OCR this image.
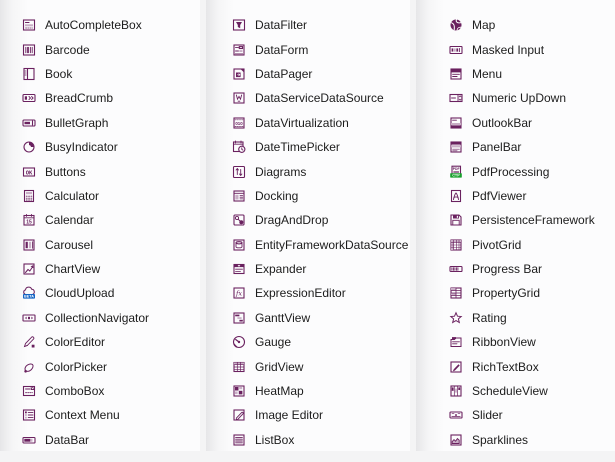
AutoCompleteBox
Barcode
Book
BreadCrumb
BulletGraph
BusyIndicator
OK Buttons
Calculator
15 Calendar
Carousel
ChartView
BETA CloudUpload
CollectionNavigator
ColorEditor
ColorPicker
ComboBox
Context Menu
DataBar
DataFilter
DataForm
DataPager
DataServiceDataSource
010 DataVirtualization
DateTimePicker
Diagrams
Docking
DragAndDrop
EntityFrameworkDataSource
Expander
fx ExpressionEditor
GanttView
Gauge
GridView
HeatMap
Image Editor
ListBox
Map
Masked Input
Menu
Numeric UpDown
OutlookBar
PanelBar
PDF
CTP PdfProcessing
PdfViewer
PersistenceFramework
PivotGrid
Progress Bar
PropertyGrid
Rating
RibbonView
RichTextBox
ScheduleView
Slider
Sparklines
